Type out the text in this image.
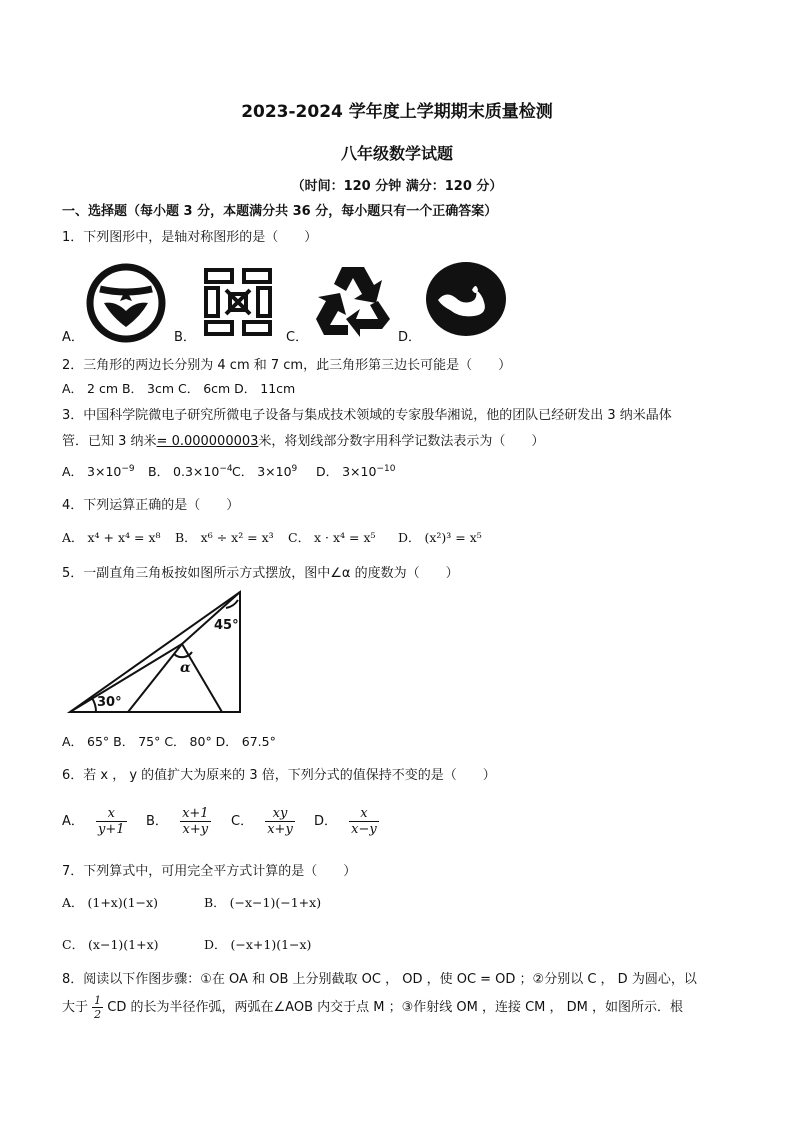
2023-2024 学年度上学期期末质量检测
八年级数学试题
（时间：120 分钟 满分：120 分）
一、选择题（每小题 3 分，本题满分共 36 分，每小题只有一个正确答案）
1．下列图形中，是轴对称图形的是（　　）
A．	B．	C．	D．
2．三角形的两边长分别为 4 cm 和 7 cm，此三角形第三边长可能是（　　）
A． 2 cm B． 3cm C． 6cm D． 11cm
3．中国科学院微电子研究所微电子设备与集成技术领域的专家殷华湘说，他的团队已经研发出 3 纳米晶体
管．已知 3 纳米= 0.000000003米，将划线部分数字用科学记数法表示为（　　）
A． $3\times 10^{-9}$ B． $0.3\times 10^{-4}$ C． $3\times 10^9$ D． $3\times 10^{-10}$
4．下列运算正确的是（　　）
A． x⁴ + x⁴ = x⁸ B． x⁶ ÷ x² = x³ C． x · x⁴ = x⁵ D． (x²)³ = x⁵
5．一副直角三角板按如图所示方式摆放，图中∠α 的度数为（　　）
45°
α
30°
A． 65° B． 75° C． 80° D． 67.5°
6．若 x ， y 的值扩大为原来的 3 倍，下列分式的值保持不变的是（　　）
A． $\frac{x}{y+1}$ B． $\frac{x+1}{x+y}$ C． $\frac{xy}{x+y}$ D． $\frac{x}{x-y}$
7．下列算式中，可用完全平方式计算的是（　　）
A． (1+x)(1−x)	B． (−x−1)(−1+x)
C． (x−1)(1+x)	D． (−x+1)(1−x)
8．阅读以下作图步骤：①在 OA 和 OB 上分别截取 OC ， OD ，使 OC = OD ；②分别以 C ， D 为圆心，以
大于 $\frac{1}{2}$ CD 的长为半径作弧，两弧在∠AOB 内交于点 M ；③作射线 OM ，连接 CM ， DM ，如图所示．根
